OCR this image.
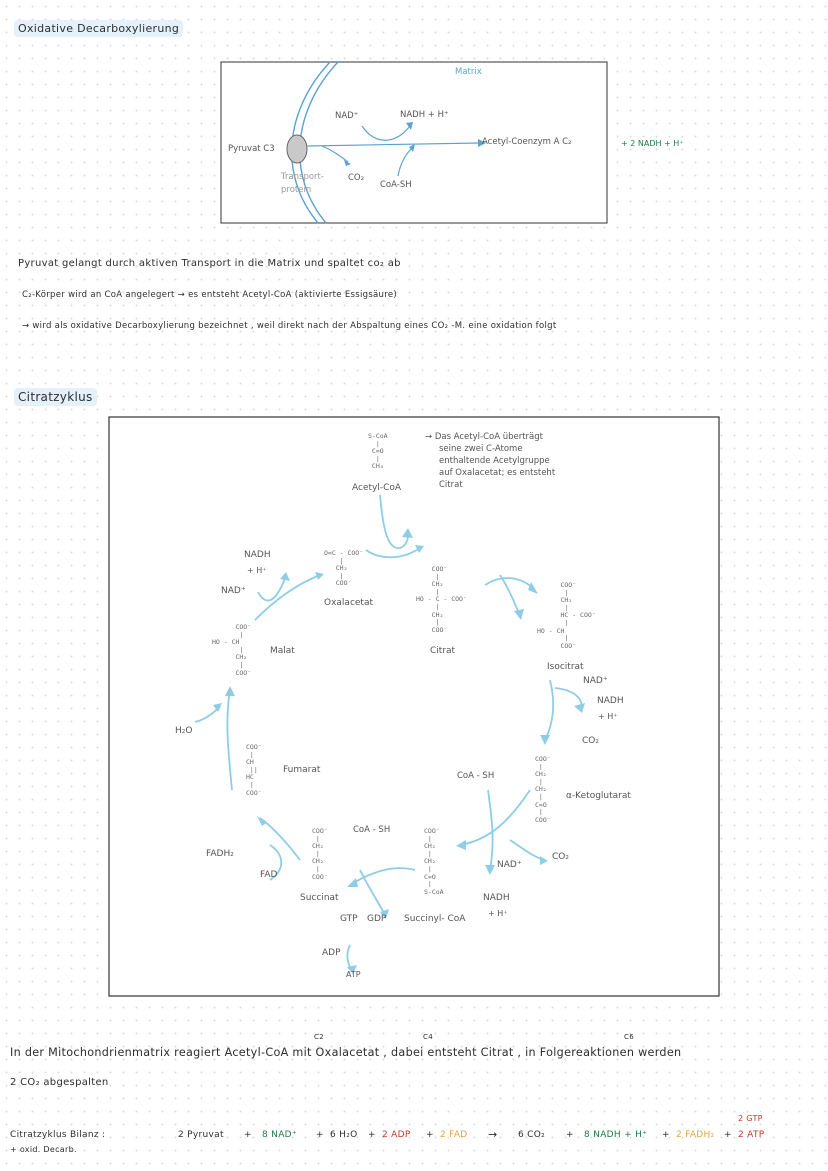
Oxidative Decarboxylierung
Matrix
Pyruvat C3
NAD⁺	NADH + H⁺
Acetyl-Coenzym A C₂	+ 2 NADH + H⁺
Transport-
protein
CO₂
CoA-SH
Pyruvat gelangt durch aktiven Transport in die Matrix und spaltet co₂ ab
C₂-Körper wird an CoA angelegert → es entsteht Acetyl-CoA (aktivierte Essigsäure)
→ wird als oxidative Decarboxylierung bezeichnet , weil direkt nach der Abspaltung eines CO₂ -M. eine oxidation folgt
Citratzyklus
S-CoA
|
C=O
|
CH₃
Acetyl-CoA
→ Das Acetyl-CoA überträgt
seine zwei C-Atome
enthaltende Acetylgruppe
auf Oxalacetat; es entsteht
Citrat
O=C - COO⁻
|
CH₂
|
COO⁻
Oxalacetat
COO⁻
|
CH₂
|
HO - C - COO⁻
|
CH₂
|
COO⁻
Citrat
COO⁻
|
CH₂
|
HC - COO⁻
|
HO - CH
|
COO⁻
Isocitrat
NAD⁺
NADH
+ H⁺
CO₂
COO⁻
|
CH₂
|
CH₂
|
C=O
|
COO⁻
α-Ketoglutarat
CoA - SH
CO₂
NAD⁺
NADH
+ H⁺
COO⁻
|
CH₂
|
CH₂
|
C=O
|
S-CoA
Succinyl- CoA
GTP GDP
ADP
ATP
CoA - SH
COO⁻
|
CH₂
|
CH₂
|
COO⁻
Succinat
FAD
FADH₂
COO⁻
|
CH
||
HC
|
COO⁻
Fumarat
H₂O
COO⁻
|
HO - CH
|
CH₂
|
COO⁻
Malat
NAD⁺
NADH
+ H⁺
C2	C4	C6
In der Mitochondrienmatrix reagiert Acetyl-CoA mit Oxalacetat , dabei entsteht Citrat , in Folgereaktionen werden
2 CO₂ abgespalten
Citratzyklus Bilanz :
+ oxid. Decarb.
2 Pyruvat + 8 NAD⁺ + 6 H₂O + 2 ADP + 2 FAD → 6 CO₂ + 8 NADH + H⁺ + 2 FADH₂ +
2 GTP
2 ATP
